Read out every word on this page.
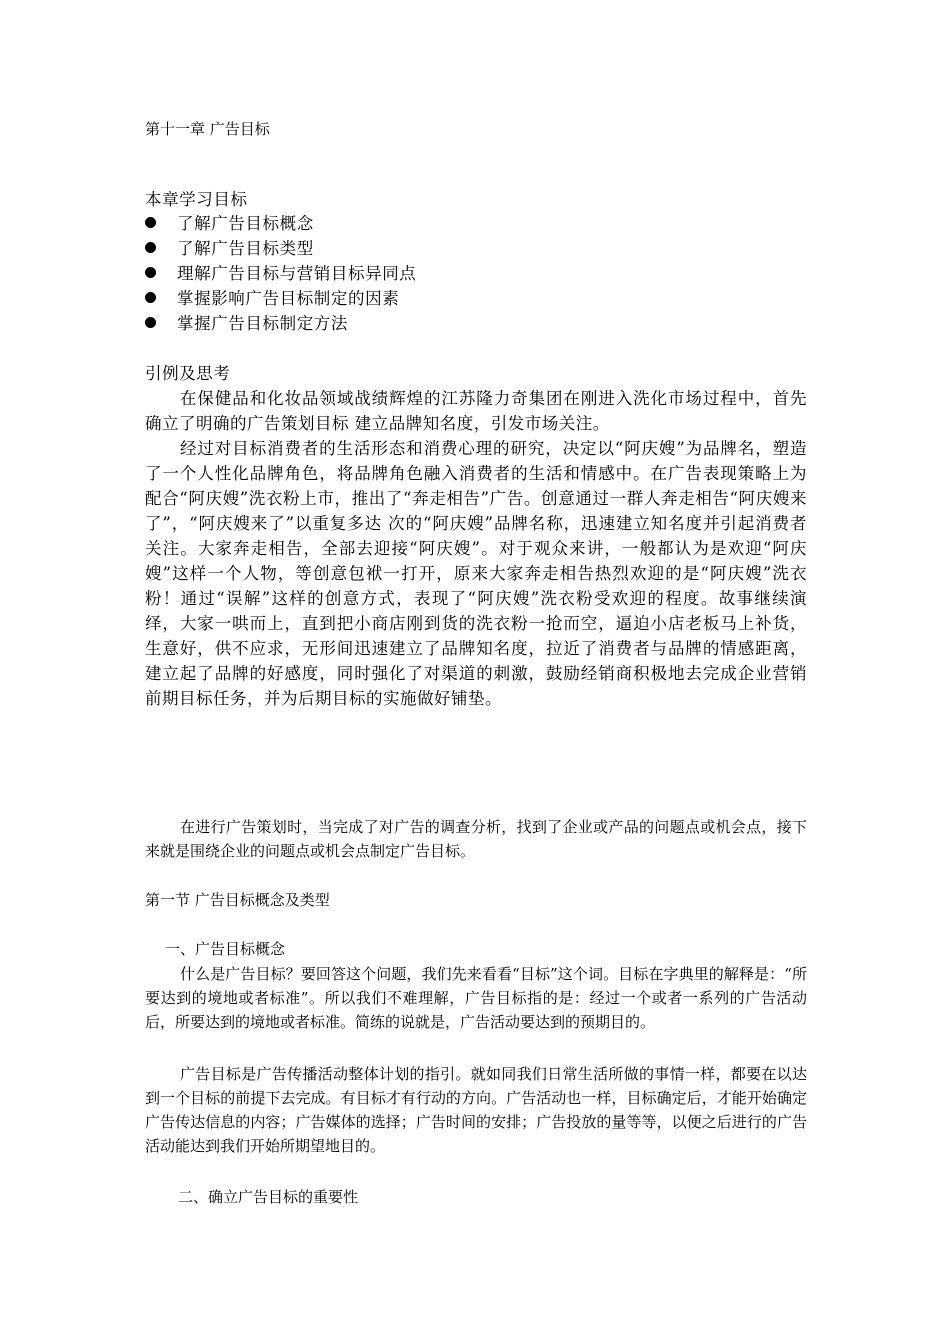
第十一章 广告目标
本章学习目标
了解广告目标概念
了解广告目标类型
理解广告目标与营销目标异同点
掌握影响广告目标制定的因素
掌握广告目标制定方法
引例及思考
在保健品和化妆品领域战绩辉煌的江苏隆力奇集团在刚进入洗化市场过程中，首先确立了明确的广告策划目标 建立品牌知名度，引发市场关注。
经过对目标消费者的生活形态和消费心理的研究，决定以“阿庆嫂”为品牌名，塑造了一个人性化品牌角色，将品牌角色融入消费者的生活和情感中。在广告表现策略上为配合“阿庆嫂”洗衣粉上市，推出了“奔走相告”广告。创意通过一群人奔走相告“阿庆嫂来了”，“阿庆嫂来了”以重复多达 次的“阿庆嫂”品牌名称，迅速建立知名度并引起消费者关注。大家奔走相告，全部去迎接“阿庆嫂”。对于观众来讲，一般都认为是欢迎“阿庆嫂”这样一个人物，等创意包袱一打开，原来大家奔走相告热烈欢迎的是“阿庆嫂”洗衣粉！通过“误解”这样的创意方式，表现了“阿庆嫂”洗衣粉受欢迎的程度。故事继续演绎，大家一哄而上，直到把小商店刚到货的洗衣粉一抢而空，逼迫小店老板马上补货，生意好，供不应求，无形间迅速建立了品牌知名度，拉近了消费者与品牌的情感距离，建立起了品牌的好感度，同时强化了对渠道的刺激，鼓励经销商积极地去完成企业营销前期目标任务，并为后期目标的实施做好铺垫。
在进行广告策划时，当完成了对广告的调查分析，找到了企业或产品的问题点或机会点，接下来就是围绕企业的问题点或机会点制定广告目标。
第一节 广告目标概念及类型
一、广告目标概念
什么是广告目标？要回答这个问题，我们先来看看“目标”这个词。目标在字典里的解释是：“所要达到的境地或者标准”。所以我们不难理解，广告目标指的是：经过一个或者一系列的广告活动后，所要达到的境地或者标准。简练的说就是，广告活动要达到的预期目的。
广告目标是广告传播活动整体计划的指引。就如同我们日常生活所做的事情一样，都要在以达到一个目标的前提下去完成。有目标才有行动的方向。广告活动也一样，目标确定后，才能开始确定广告传达信息的内容；广告媒体的选择；广告时间的安排；广告投放的量等等，以便之后进行的广告活动能达到我们开始所期望地目的。
二、确立广告目标的重要性
